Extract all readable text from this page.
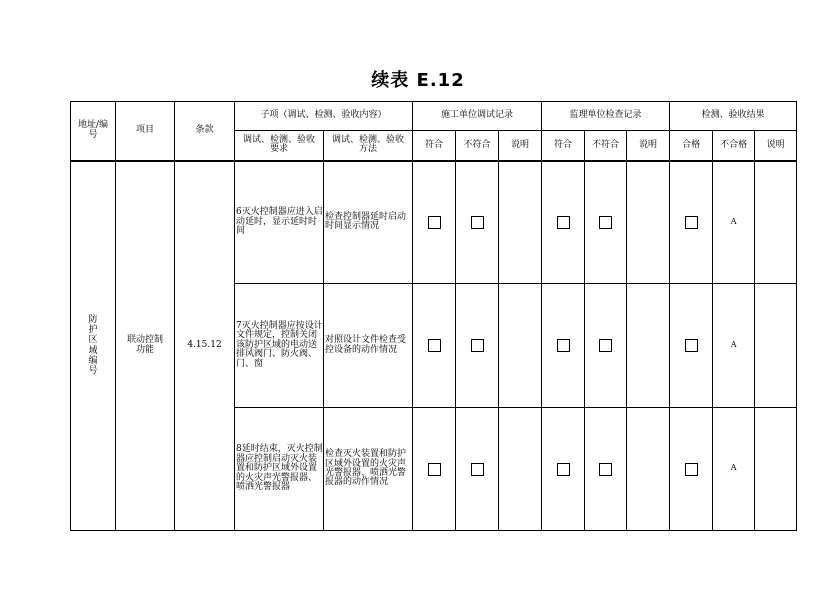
续表 E.12
地址/编号	项目	条款	子项（调试、检测、验收内容）		施工单位调试记录			监理单位检查记录			检测、验收结果		
			调试、检测、验收要求	调试、检测、验收方法	符合	不符合	说明	符合	不符合	说明	合格	不合格	说明
防护区域编号	联动控制功能	4.15.12	6灭火控制器应进入启动延时，显示延时时间	检查控制器延时启动时间显示情况								A	
			7灭火控制器应按设计文件规定，控制关闭该防护区域的电动送排风阀门、防火阀、门、窗	对照设计文件检查受控设备的动作情况								A	
			8延时结束，灭火控制器应控制启动灭火装置和防护区域外设置的火灾声光警报器、喷洒光警报器	检查灭火装置和防护区域外设置的火灾声光警报器、喷洒光警报器的动作情况								A	
